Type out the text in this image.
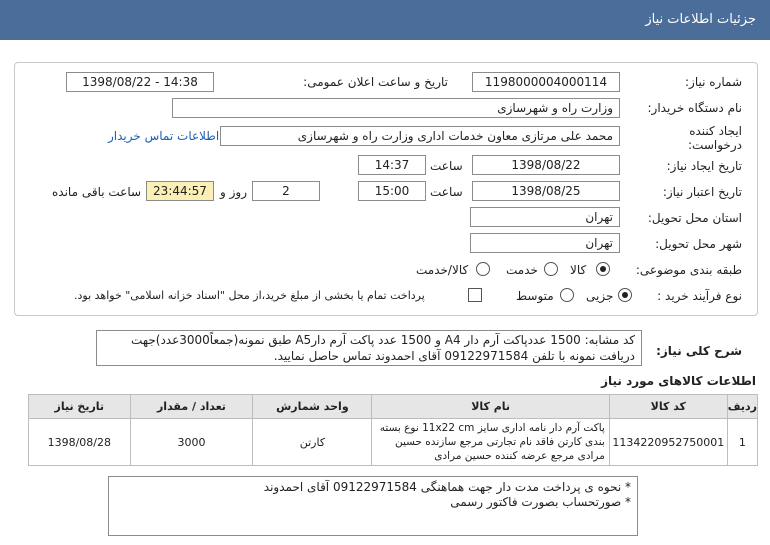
جزئیات اطلاعات نیاز
شماره نیاز:
1198000004000114
تاریخ و ساعت اعلان عمومی:
1398/08/22 - 14:38
نام دستگاه خریدار:
وزارت راه و شهرسازی
ایجاد کننده درخواست:
محمد علی مرتازی معاون خدمات اداری وزارت راه و شهرسازی
اطلاعات تماس خریدار
تاریخ ایجاد نیاز:
1398/08/22
ساعت
14:37
تاریخ اعتبار نیاز:
1398/08/25
ساعت
15:00
2
روز و
23:44:57
ساعت باقی مانده
استان محل تحویل:
تهران
شهر محل تحویل:
تهران
طبقه بندی موضوعی:
کالا
خدمت
کالا/خدمت
نوع فرآیند خرید :
جزیی
متوسط
پرداخت تمام یا بخشی از مبلغ خرید،از محل "اسناد خزانه اسلامی" خواهد بود.
شرح کلی نیاز:
کد مشابه: 1500 عددپاکت آرم دار A4 و 1500 عدد پاکت آرم دارA5 طبق نمونه(جمعاً3000عدد)جهت دریافت نمونه با تلفن 09122971584 آقای احمدوند تماس حاصل نمایید.
اطلاعات کالاهای مورد نیاز
ردیف	کد کالا	نام کالا	واحد شمارش	تعداد / مقدار	تاریخ نیاز
1	1134220952750001	پاکت آرم دار نامه اداری سایز 11x22 cm نوع بسته بندی کارتن فاقد نام تجارتی مرجع سازنده حسین مرادی مرجع عرضه کننده حسین مرادی	کارتن	3000	1398/08/28
* نحوه ی پرداخت مدت دار جهت هماهنگی 09122971584 آقای احمدوند
* صورتحساب بصورت فاکتور رسمی
